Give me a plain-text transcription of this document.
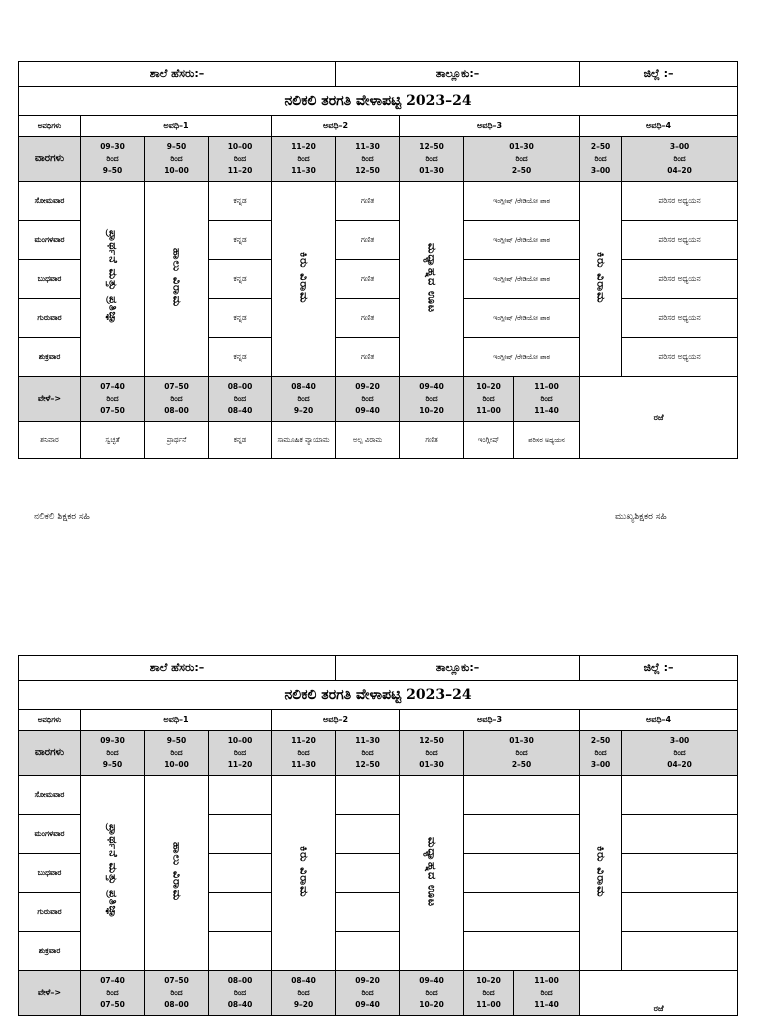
ಶಾಲೆ ಹೆಸರು:–					ತಾಲ್ಲೂಕು:–				ಜಿಲ್ಲೆ :–	
ನಲಿಕಲಿ ತರಗತಿ ವೇಳಾಪಟ್ಟಿ 2023–24										
ಅವಧಿಗಳು	ಅವಧಿ–1			ಅವಧಿ–2		ಅವಧಿ–3			ಅವಧಿ–4	
ವಾರಗಳು	09–30
ರಿಂದ
9–50	9–50
ರಿಂದ
10–00	10–00
ರಿಂದ
11–20	11–20
ರಿಂದ
11–30	11–30
ರಿಂದ
12–50	12–50
ರಿಂದ
01–30	01–30
ರಿಂದ
2–50		2–50
ರಿಂದ
3–00	3–00
ರಿಂದ
04–20
ಸೋಮವಾರ	ಪ್ರಾರ್ಥನೆ ಮತ್ತು ಪ್ರತಿಜ್ಞಾ	ಹಾಲು ವಿರಾಮ	ಕನ್ನಡ	ಕಿರು ವಿರಾಮ	ಗಣಿತ	ಮಧ್ಯಾಹ್ನದ ಊಟ	ಇಂಗ್ಲೀಷ್ /ರೇಡಿಯೋ ಪಾಠ		ಕಿರು ವಿರಾಮ	ಪರಿಸರ ಅಧ್ಯಯನ
ಮಂಗಳವಾರ			ಕನ್ನಡ		ಗಣಿತ		ಇಂಗ್ಲೀಷ್ /ರೇಡಿಯೋ ಪಾಠ			ಪರಿಸರ ಅಧ್ಯಯನ
ಬುಧವಾರ			ಕನ್ನಡ		ಗಣಿತ		ಇಂಗ್ಲೀಷ್ /ರೇಡಿಯೋ ಪಾಠ			ಪರಿಸರ ಅಧ್ಯಯನ
ಗುರುವಾರ			ಕನ್ನಡ		ಗಣಿತ		ಇಂಗ್ಲೀಷ್ /ರೇಡಿಯೋ ಪಾಠ			ಪರಿಸರ ಅಧ್ಯಯನ
ಶುಕ್ರವಾರ			ಕನ್ನಡ		ಗಣಿತ		ಇಂಗ್ಲೀಷ್ /ರೇಡಿಯೋ ಪಾಠ			ಪರಿಸರ ಅಧ್ಯಯನ
ವೇಳೆ–>	07–40
ರಿಂದ
07–50	07–50
ರಿಂದ
08–00	08–00
ರಿಂದ
08–40	08–40
ರಿಂದ
9–20	09–20
ರಿಂದ
09–40	09–40
ರಿಂದ
10–20	10–20
ರಿಂದ
11–00	11–00
ರಿಂದ
11–40	ರಜೆ	
ಶನಿವಾರ	ಸ್ವಚ್ಛತೆ	ಪ್ರಾರ್ಥನೆ	ಕನ್ನಡ	ಸಾಮೂಹಿಕ ವ್ಯಾಯಾಮ	ಅಲ್ಪ ವಿರಾಮ	ಗಣಿತ	ಇಂಗ್ಲೀಷ್	ಪರಿಸರ ಅಧ್ಯಯನ		
ನಲಿಕಲಿ ಶಿಕ್ಷಕರ ಸಹಿ	ಮುಖ್ಯಶಿಕ್ಷಕರ ಸಹಿ
ಶಾಲೆ ಹೆಸರು:–					ತಾಲ್ಲೂಕು:–				ಜಿಲ್ಲೆ :–	
ನಲಿಕಲಿ ತರಗತಿ ವೇಳಾಪಟ್ಟಿ 2023–24										
ಅವಧಿಗಳು	ಅವಧಿ–1			ಅವಧಿ–2		ಅವಧಿ–3			ಅವಧಿ–4	
ವಾರಗಳು	09–30
ರಿಂದ
9–50	9–50
ರಿಂದ
10–00	10–00
ರಿಂದ
11–20	11–20
ರಿಂದ
11–30	11–30
ರಿಂದ
12–50	12–50
ರಿಂದ
01–30	01–30
ರಿಂದ
2–50		2–50
ರಿಂದ
3–00	3–00
ರಿಂದ
04–20
ಸೋಮವಾರ	ಪ್ರಾರ್ಥನೆ ಮತ್ತು ಪ್ರತಿಜ್ಞಾ	ಹಾಲು ವಿರಾಮ		ಕಿರು ವಿರಾಮ		ಮಧ್ಯಾಹ್ನದ ಊಟ			ಕಿರು ವಿರಾಮ	
ಮಂಗಳವಾರ										
ಬುಧವಾರ										
ಗುರುವಾರ										
ಶುಕ್ರವಾರ										
ವೇಳೆ–>	07–40
ರಿಂದ
07–50	07–50
ರಿಂದ
08–00	08–00
ರಿಂದ
08–40	08–40
ರಿಂದ
9–20	09–20
ರಿಂದ
09–40	09–40
ರಿಂದ
10–20	10–20
ರಿಂದ
11–00	11–00
ರಿಂದ
11–40	ರಜೆ	
